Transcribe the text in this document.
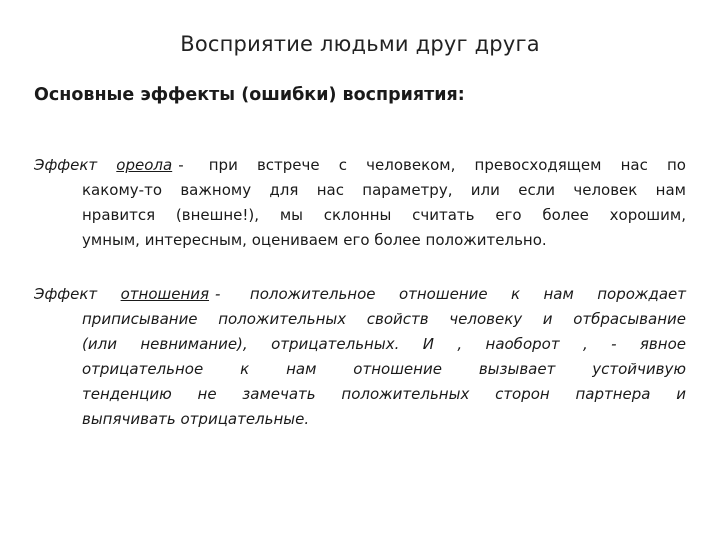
Восприятие людьми друг друга
Основные эффекты (ошибки) восприятия:
Эффект ореола - при встрече с человеком, превосходящем нас по
какому-то важному для нас параметру, или если человек нам
нравится (внешне!), мы склонны считать его более хорошим,
умным, интересным, оцениваем его более положительно.
Эффект отношения - положительное отношение к нам порождает
приписывание положительных свойств человеку и отбрасывание
(или невнимание), отрицательных. И , наоборот , - явное
отрицательное к нам отношение вызывает устойчивую
тенденцию не замечать положительных сторон партнера и
выпячивать отрицательные.
